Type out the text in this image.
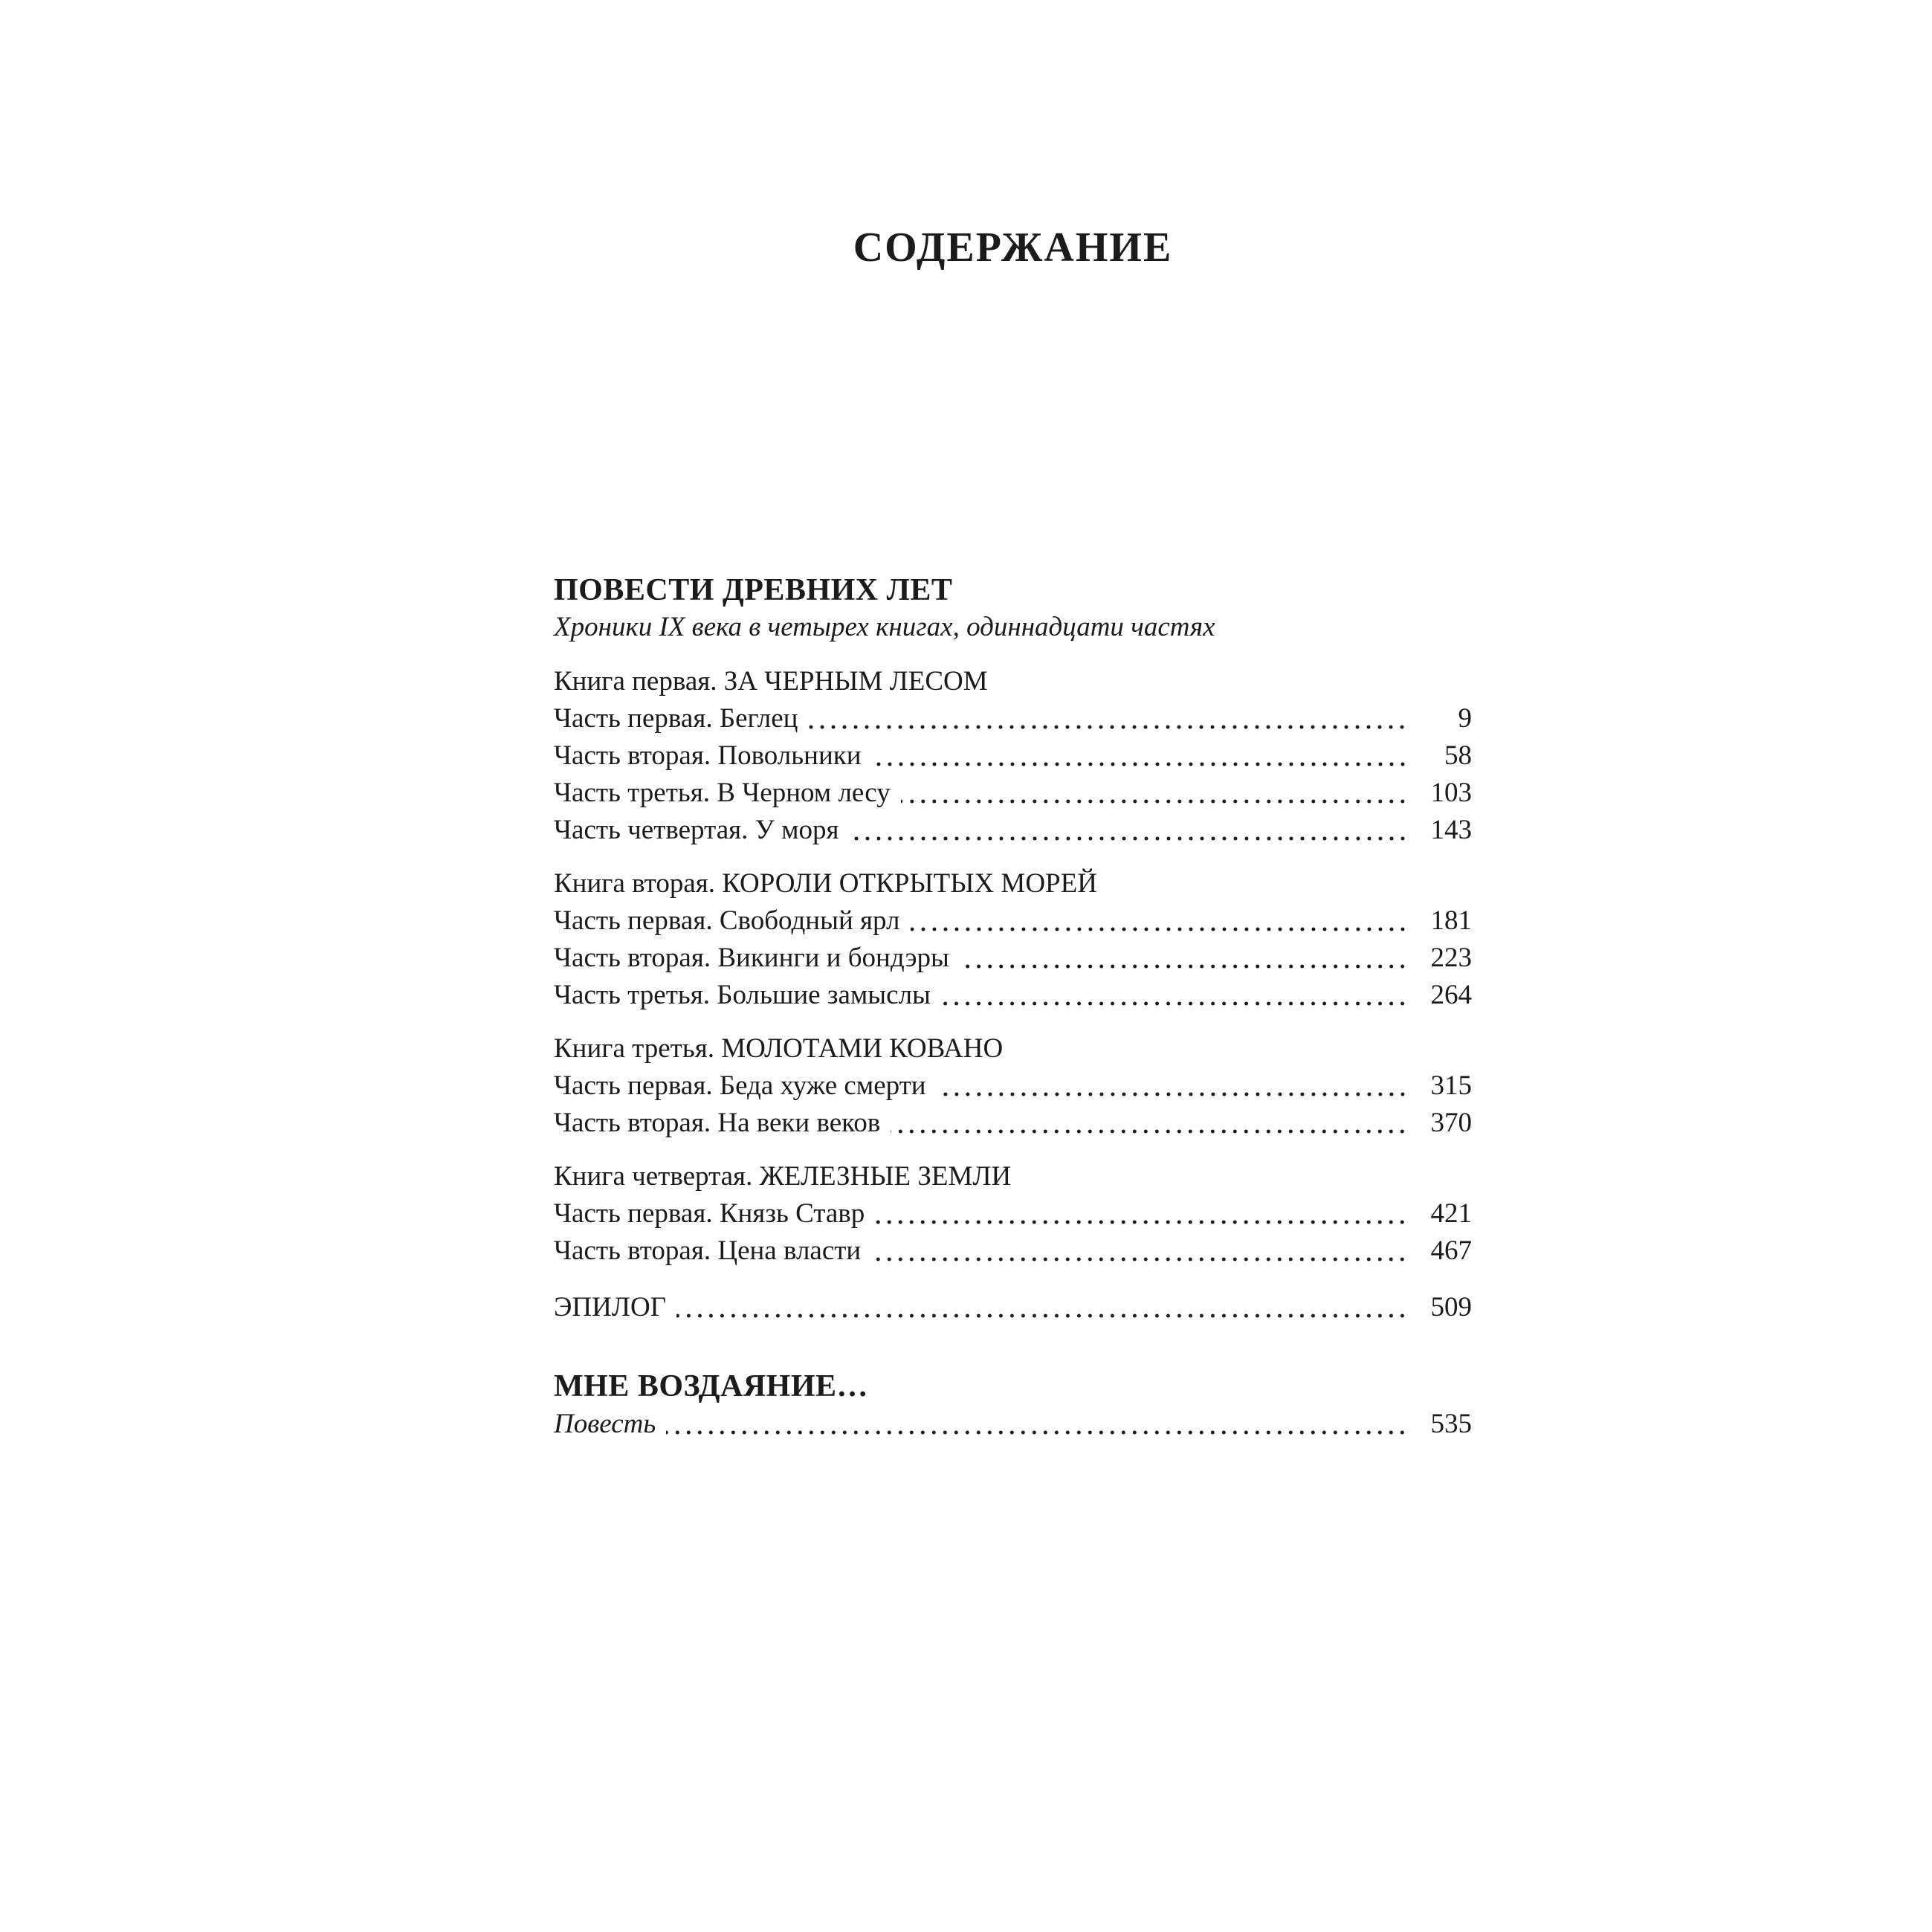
СОДЕРЖАНИЕ
ПОВЕСТИ ДРЕВНИХ ЛЕТ
Хроники IX века в четырех книгах, одиннадцати частях
Книга первая. ЗА ЧЕРНЫМ ЛЕСОМ
Часть первая. Беглец	9
Часть вторая. Повольники	58
Часть третья. В Черном лесу	103
Часть четвертая. У моря	143
Книга вторая. КОРОЛИ ОТКРЫТЫХ МОРЕЙ
Часть первая. Свободный ярл	181
Часть вторая. Викинги и бондэры	223
Часть третья. Большие замыслы	264
Книга третья. МОЛОТАМИ КОВАНО
Часть первая. Беда хуже смерти	315
Часть вторая. На веки веков	370
Книга четвертая. ЖЕЛЕЗНЫЕ ЗЕМЛИ
Часть первая. Князь Ставр	421
Часть вторая. Цена власти	467
ЭПИЛОГ	509
МНЕ ВОЗДАЯНИЕ…
Повесть	535
